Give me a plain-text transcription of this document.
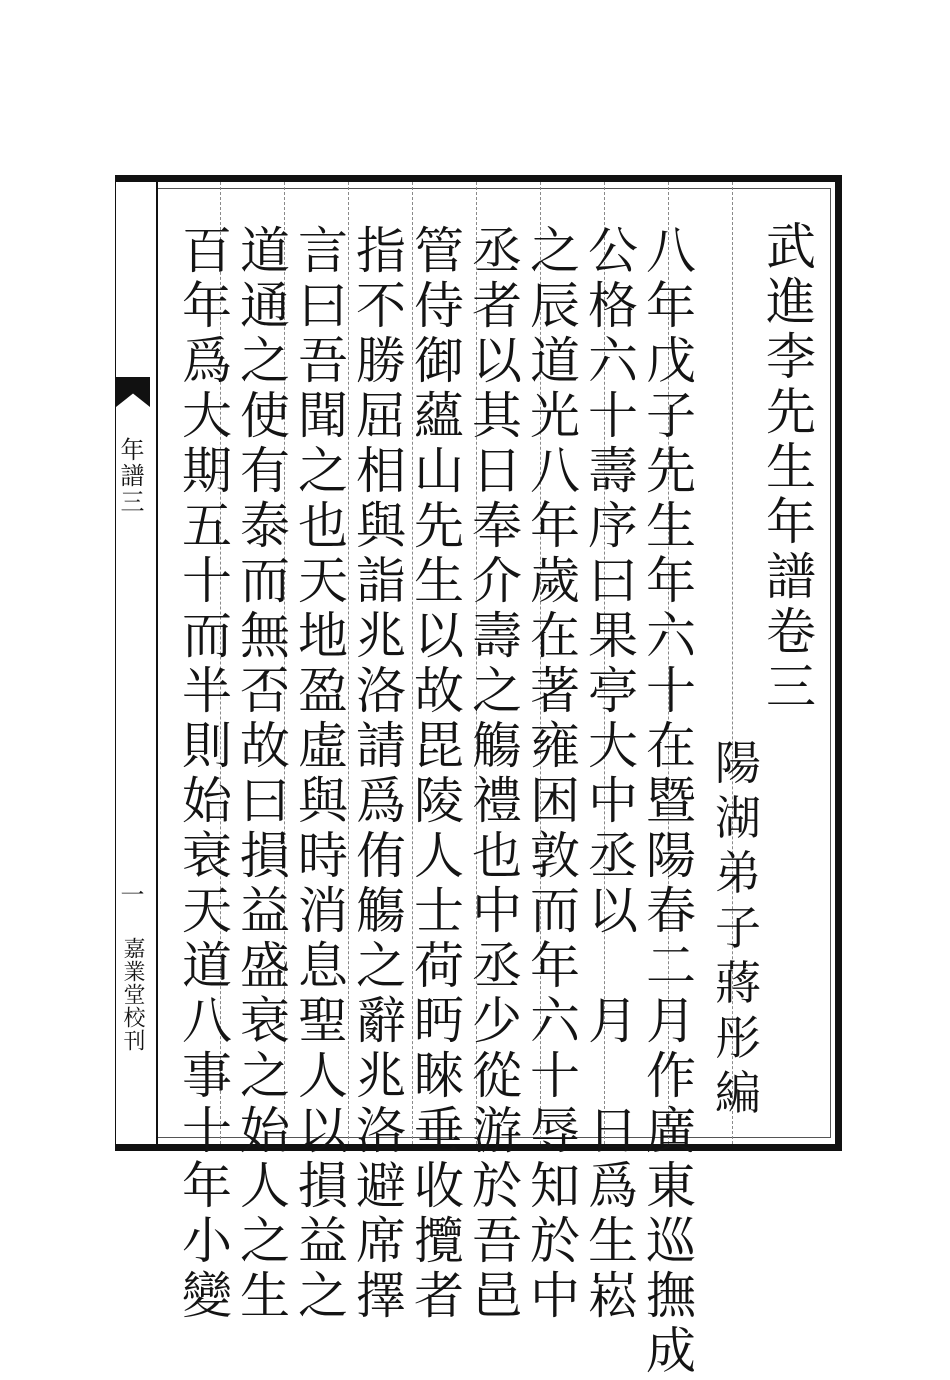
年譜三
一
嘉業堂校刊
武
進
李
先
生
年
譜
卷
三
陽
湖
弟
子
蔣
彤
編
八
年
戊
子
先
生
年
六
十
在
暨
陽
春
二
月
作
廣
東
巡
撫
成
公
格
六
十
壽
序
曰
果
亭
大
中
丞
以

月

日
爲
生
崧
之
辰
道
光
八
年
歲
在
著
雍
困
敦
而
年
六
十
辱
知
於
中
丞
者
以
其
日
奉
介
壽
之
觴
禮
也
中
丞
少
從
游
於
吾
邑
管
侍
御
蘊
山
先
生
以
故
毘
陵
人
士
荷
眄
睞
垂
收
攬
者
指
不
勝
屈
相
與
詣
兆
洛
請
爲
侑
觴
之
辭
兆
洛
避
席
擇
言
曰
吾
聞
之
也
天
地
盈
虛
與
時
消
息
聖
人
以
損
益
之
道
通
之
使
有
泰
而
無
否
故
曰
損
益
盛
衰
之
始
人
之
生
百
年
爲
大
期
五
十
而
半
則
始
衰
天
道
八
事
十
年
小
變
